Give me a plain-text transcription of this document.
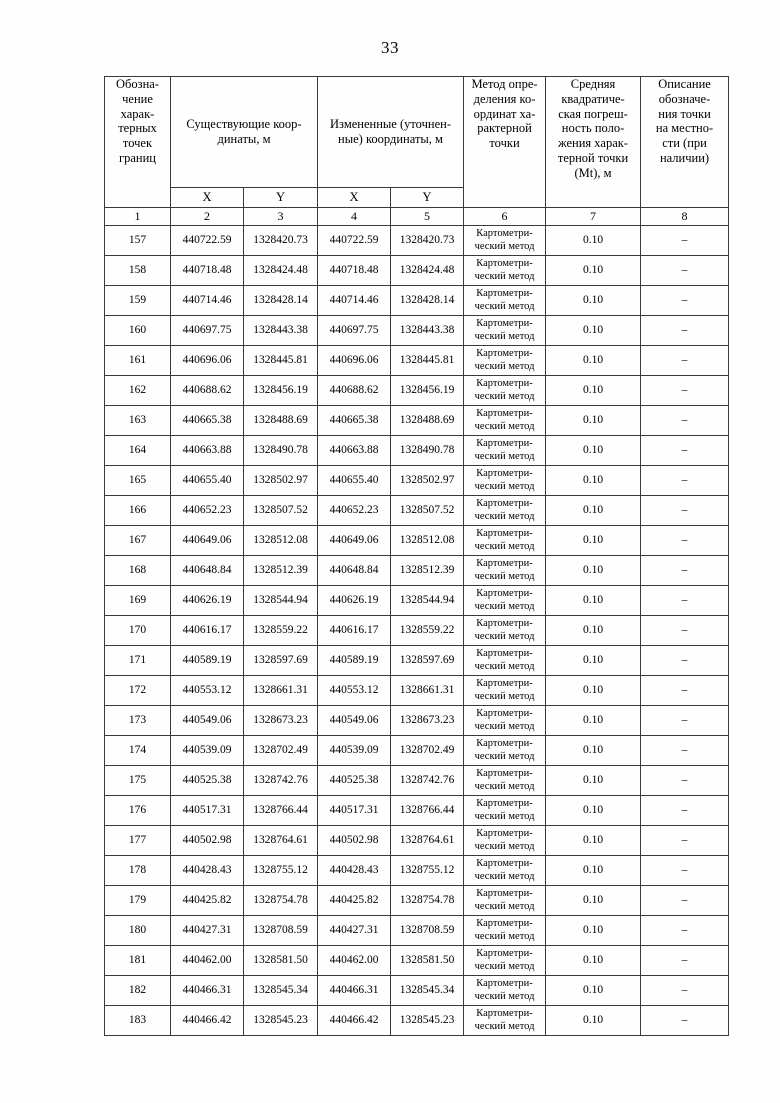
33
Обозна-
чение
харак-
терных
точек
границ

Существующие коор-
динаты, м

Измененные (уточнен-
ные) координаты, м

Метод опре-
деления ко-
ординат ха-
рактерной
точки

Средняя
квадратиче-
ская погреш-
ность поло-
жения харак-
терной точки
(Mt), м

Описание
обозначе-
ния точки
на местно-
сти (при
наличии)

	X	Y	X	Y			
1	2	3	4	5	6	7	8
157	440722.59	1328420.73	440722.59	1328420.73	Картометри-
ческий метод	0.10	–
158	440718.48	1328424.48	440718.48	1328424.48	Картометри-
ческий метод	0.10	–
159	440714.46	1328428.14	440714.46	1328428.14	Картометри-
ческий метод	0.10	–
160	440697.75	1328443.38	440697.75	1328443.38	Картометри-
ческий метод	0.10	–
161	440696.06	1328445.81	440696.06	1328445.81	Картометри-
ческий метод	0.10	–
162	440688.62	1328456.19	440688.62	1328456.19	Картометри-
ческий метод	0.10	–
163	440665.38	1328488.69	440665.38	1328488.69	Картометри-
ческий метод	0.10	–
164	440663.88	1328490.78	440663.88	1328490.78	Картометри-
ческий метод	0.10	–
165	440655.40	1328502.97	440655.40	1328502.97	Картометри-
ческий метод	0.10	–
166	440652.23	1328507.52	440652.23	1328507.52	Картометри-
ческий метод	0.10	–
167	440649.06	1328512.08	440649.06	1328512.08	Картометри-
ческий метод	0.10	–
168	440648.84	1328512.39	440648.84	1328512.39	Картометри-
ческий метод	0.10	–
169	440626.19	1328544.94	440626.19	1328544.94	Картометри-
ческий метод	0.10	–
170	440616.17	1328559.22	440616.17	1328559.22	Картометри-
ческий метод	0.10	–
171	440589.19	1328597.69	440589.19	1328597.69	Картометри-
ческий метод	0.10	–
172	440553.12	1328661.31	440553.12	1328661.31	Картометри-
ческий метод	0.10	–
173	440549.06	1328673.23	440549.06	1328673.23	Картометри-
ческий метод	0.10	–
174	440539.09	1328702.49	440539.09	1328702.49	Картометри-
ческий метод	0.10	–
175	440525.38	1328742.76	440525.38	1328742.76	Картометри-
ческий метод	0.10	–
176	440517.31	1328766.44	440517.31	1328766.44	Картометри-
ческий метод	0.10	–
177	440502.98	1328764.61	440502.98	1328764.61	Картометри-
ческий метод	0.10	–
178	440428.43	1328755.12	440428.43	1328755.12	Картометри-
ческий метод	0.10	–
179	440425.82	1328754.78	440425.82	1328754.78	Картометри-
ческий метод	0.10	–
180	440427.31	1328708.59	440427.31	1328708.59	Картометри-
ческий метод	0.10	–
181	440462.00	1328581.50	440462.00	1328581.50	Картометри-
ческий метод	0.10	–
182	440466.31	1328545.34	440466.31	1328545.34	Картометри-
ческий метод	0.10	–
183	440466.42	1328545.23	440466.42	1328545.23	Картометри-
ческий метод	0.10	–
